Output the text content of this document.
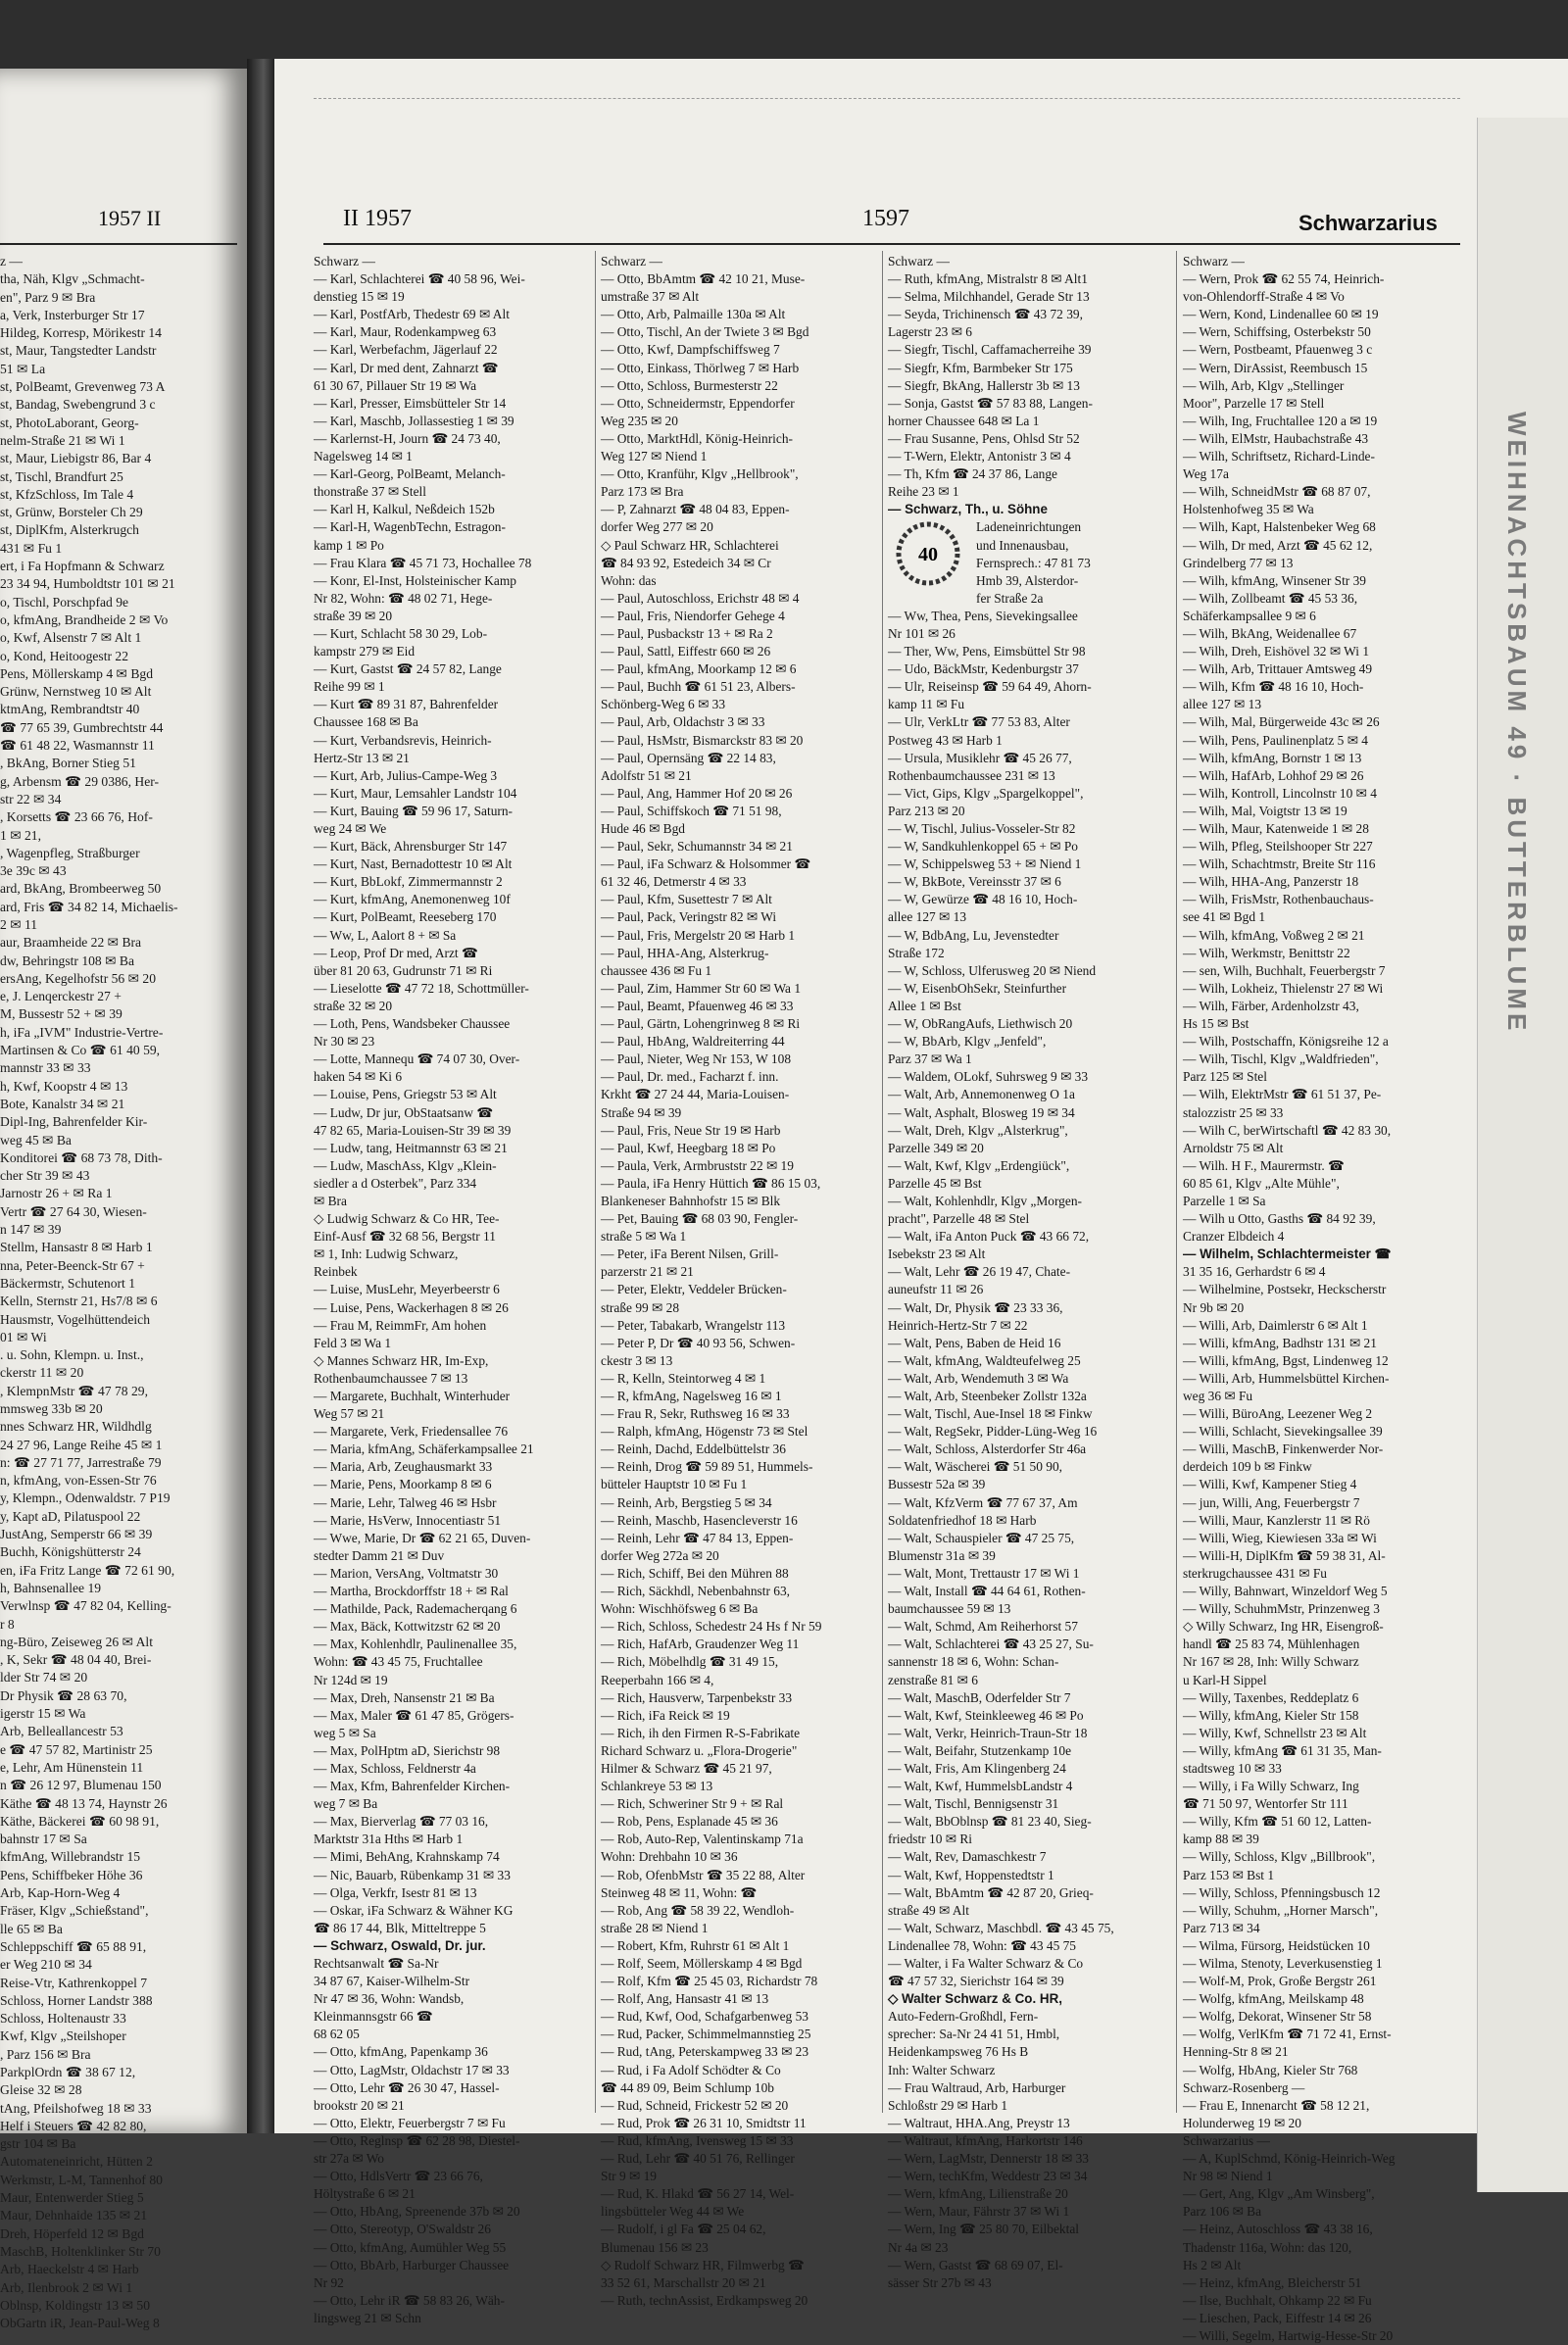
1957 II
z —
tha, Näh, Klgv „Schmacht-
en", Parz 9 ✉ Bra
a, Verk, Insterburger Str 17
Hildeg, Korresp, Mörikestr 14
st, Maur, Tangstedter Landstr
51 ✉ La
st, PolBeamt, Grevenweg 73 A
st, Bandag, Swebengrund 3 c
st, PhotoLaborant, Georg-
nelm-Straße 21 ✉ Wi 1
st, Maur, Liebigstr 86, Bar 4
st, Tischl, Brandfurt 25
st, KfzSchloss, Im Tale 4
st, Grünw, Borsteler Ch 29
st, DiplKfm, Alsterkrugch
431 ✉ Fu 1
ert, i Fa Hopfmann & Schwarz
23 34 94, Humboldtstr 101 ✉ 21
o, Tischl, Porschpfad 9e
o, kfmAng, Brandheide 2 ✉ Vo
o, Kwf, Alsenstr 7 ✉ Alt 1
o, Kond, Heitoogestr 22
Pens, Möllerskamp 4 ✉ Bgd
Grünw, Nernstweg 10 ✉ Alt
ktmAng, Rembrandtstr 40
☎ 77 65 39, Gumbrechtstr 44
☎ 61 48 22, Wasmannstr 11
, BkAng, Borner Stieg 51
g, Arbensm ☎ 29 0386, Her-
str 22 ✉ 34
, Korsetts ☎ 23 66 76, Hof-
1 ✉ 21,
, Wagenpfleg, Straßburger
3e 39c ✉ 43
ard, BkAng, Brombeerweg 50
ard, Fris ☎ 34 82 14, Michaelis-
2 ✉ 11
aur, Braamheide 22 ✉ Bra
dw, Behringstr 108 ✉ Ba
ersAng, Kegelhofstr 56 ✉ 20
e, J. Lenqerckestr 27 +
M, Bussestr 52 + ✉ 39
h, iFa „IVM" Industrie-Vertre-
Martinsen & Co ☎ 61 40 59,
mannstr 33 ✉ 33
h, Kwf, Koopstr 4 ✉ 13
Bote, Kanalstr 34 ✉ 21
Dipl-Ing, Bahrenfelder Kir-
weg 45 ✉ Ba
Konditorei ☎ 68 73 78, Dith-
cher Str 39 ✉ 43
Jarnostr 26 + ✉ Ra 1
Vertr ☎ 27 64 30, Wiesen-
n 147 ✉ 39
Stellm, Hansastr 8 ✉ Harb 1
nna, Peter-Beenck-Str 67 +
Bäckermstr, Schutenort 1
Kelln, Sternstr 21, Hs7/8 ✉ 6
Hausmstr, Vogelhüttendeich
01 ✉ Wi
. u. Sohn, Klempn. u. Inst.,
ckerstr 11 ✉ 20
, KlempnMstr ☎ 47 78 29,
mmsweg 33b ✉ 20
nnes Schwarz HR, Wildhdlg
24 27 96, Lange Reihe 45 ✉ 1
n: ☎ 27 71 77, Jarrestraße 79
n, kfmAng, von-Essen-Str 76
y, Klempn., Odenwaldstr. 7 P19
y, Kapt aD, Pilatuspool 22
JustAng, Semperstr 66 ✉ 39
Buchh, Königshütterstr 24
en, iFa Fritz Lange ☎ 72 61 90,
h, Bahnsenallee 19
Verwlnsp ☎ 47 82 04, Kelling-
r 8
ng-Büro, Zeiseweg 26 ✉ Alt
, K, Sekr ☎ 48 04 40, Brei-
lder Str 74 ✉ 20
Dr Physik ☎ 28 63 70,
igerstr 15 ✉ Wa
Arb, Belleallancestr 53
e ☎ 47 57 82, Martinistr 25
e, Lehr, Am Hünenstein 11
n ☎ 26 12 97, Blumenau 150
Käthe ☎ 48 13 74, Haynstr 26
Käthe, Bäckerei ☎ 60 98 91,
bahnstr 17 ✉ Sa
kfmAng, Willebrandstr 15
Pens, Schiffbeker Höhe 36
Arb, Kap-Horn-Weg 4
Fräser, Klgv „Schießstand",
lle 65 ✉ Ba
Schleppschiff ☎ 65 88 91,
er Weg 210 ✉ 34
Reise-Vtr, Kathrenkoppel 7
Schloss, Horner Landstr 388
Schloss, Holtenaustr 33
Kwf, Klgv „Steilshoper
, Parz 156 ✉ Bra
ParkplOrdn ☎ 38 67 12,
Gleise 32 ✉ 28
tAng, Pfeilshofweg 18 ✉ 33
Helf i Steuers ☎ 42 82 80,
gstr 104 ✉ Ba
Automateneinricht, Hütten 2
Werkmstr, L-M, Tannenhof 80
Maur, Entenwerder Stieg 5
Maur, Dehnhaide 135 ✉ 21
Dreh, Höperfeld 12 ✉ Bgd
MaschB, Holtenklinker Str 70
Arb, Haeckelstr 4 ✉ Harb
Arb, Ilenbrook 2 ✉ Wi 1
Oblnsp, Koldingstr 13 ✉ 50
ObGartn iR, Jean-Paul-Weg 8
II 1957	1597	Schwarzarius
Schwarz —
— Karl, Schlachterei ☎ 40 58 96, Wei-
denstieg 15 ✉ 19
— Karl, PostfArb, Thedestr 69 ✉ Alt
— Karl, Maur, Rodenkampweg 63
— Karl, Werbefachm, Jägerlauf 22
— Karl, Dr med dent, Zahnarzt ☎
61 30 67, Pillauer Str 19 ✉ Wa
— Karl, Presser, Eimsbütteler Str 14
— Karl, Maschb, Jollassestieg 1 ✉ 39
— Karlernst-H, Journ ☎ 24 73 40,
Nagelsweg 14 ✉ 1
— Karl-Georg, PolBeamt, Melanch-
thonstraße 37 ✉ Stell
— Karl H, Kalkul, Neßdeich 152b
— Karl-H, WagenbTechn, Estragon-
kamp 1 ✉ Po
— Frau Klara ☎ 45 71 73, Hochallee 78
— Konr, El-Inst, Holsteinischer Kamp
Nr 82, Wohn: ☎ 48 02 71, Hege-
straße 39 ✉ 20
— Kurt, Schlacht 58 30 29, Lob-
kampstr 279 ✉ Eid
— Kurt, Gastst ☎ 24 57 82, Lange
Reihe 99 ✉ 1
— Kurt ☎ 89 31 87, Bahrenfelder
Chaussee 168 ✉ Ba
— Kurt, Verbandsrevis, Heinrich-
Hertz-Str 13 ✉ 21
— Kurt, Arb, Julius-Campe-Weg 3
— Kurt, Maur, Lemsahler Landstr 104
— Kurt, Bauing ☎ 59 96 17, Saturn-
weg 24 ✉ We
— Kurt, Bäck, Ahrensburger Str 147
— Kurt, Nast, Bernadottestr 10 ✉ Alt
— Kurt, BbLokf, Zimmermannstr 2
— Kurt, kfmAng, Anemonenweg 10f
— Kurt, PolBeamt, Reeseberg 170
— Ww, L, Aalort 8 + ✉ Sa
— Leop, Prof Dr med, Arzt ☎
über 81 20 63, Gudrunstr 71 ✉ Ri
— Lieselotte ☎ 47 72 18, Schottmüller-
straße 32 ✉ 20
— Loth, Pens, Wandsbeker Chaussee
Nr 30 ✉ 23
— Lotte, Mannequ ☎ 74 07 30, Over-
haken 54 ✉ Ki 6
— Louise, Pens, Griegstr 53 ✉ Alt
— Ludw, Dr jur, ObStaatsanw ☎
47 82 65, Maria-Louisen-Str 39 ✉ 39
— Ludw, tang, Heitmannstr 63 ✉ 21
— Ludw, MaschAss, Klgv „Klein-
siedler a d Osterbek", Parz 334
✉ Bra
◇ Ludwig Schwarz & Co HR, Tee-
Einf-Ausf ☎ 32 68 56, Bergstr 11
✉ 1, Inh: Ludwig Schwarz,
Reinbek
— Luise, MusLehr, Meyerbeerstr 6
— Luise, Pens, Wackerhagen 8 ✉ 26
— Frau M, ReimmFr, Am hohen
Feld 3 ✉ Wa 1
◇ Mannes Schwarz HR, Im-Exp,
Rothenbaumchaussee 7 ✉ 13
— Margarete, Buchhalt, Winterhuder
Weg 57 ✉ 21
— Margarete, Verk, Friedensallee 76
— Maria, kfmAng, Schäferkampsallee 21
— Maria, Arb, Zeughausmarkt 33
— Marie, Pens, Moorkamp 8 ✉ 6
— Marie, Lehr, Talweg 46 ✉ Hsbr
— Marie, HsVerw, Innocentiastr 51
— Wwe, Marie, Dr ☎ 62 21 65, Duven-
stedter Damm 21 ✉ Duv
— Marion, VersAng, Voltmatstr 30
— Martha, Brockdorffstr 18 + ✉ Ral
— Mathilde, Pack, Rademacherqang 6
— Max, Bäck, Kottwitzstr 62 ✉ 20
— Max, Kohlenhdlr, Paulinenallee 35,
Wohn: ☎ 43 45 75, Fruchtallee
Nr 124d ✉ 19
— Max, Dreh, Nansenstr 21 ✉ Ba
— Max, Maler ☎ 61 47 85, Grögers-
weg 5 ✉ Sa
— Max, PolHptm aD, Sierichstr 98
— Max, Schloss, Feldnerstr 4a
— Max, Kfm, Bahrenfelder Kirchen-
weg 7 ✉ Ba
— Max, Bierverlag ☎ 77 03 16,
Marktstr 31a Hths ✉ Harb 1
— Mimi, BehAng, Krahnskamp 74
— Nic, Bauarb, Rübenkamp 31 ✉ 33
— Olga, Verkfr, Isestr 81 ✉ 13
— Oskar, iFa Schwarz & Wähner KG
☎ 86 17 44, Blk, Mitteltreppe 5
— Schwarz, Oswald, Dr. jur.
Rechtsanwalt ☎ Sa-Nr
34 87 67, Kaiser-Wilhelm-Str
Nr 47 ✉ 36, Wohn: Wandsb,
Kleinmannsgstr 66 ☎
68 62 05
— Otto, kfmAng, Papenkamp 36
— Otto, LagMstr, Oldachstr 17 ✉ 33
— Otto, Lehr ☎ 26 30 47, Hassel-
brookstr 20 ✉ 21
— Otto, Elektr, Feuerbergstr 7 ✉ Fu
— Otto, Reglnsp ☎ 62 28 98, Diestel-
str 27a ✉ Wo
— Otto, HdlsVertr ☎ 23 66 76,
Höltystraße 6 ✉ 21
— Otto, HbAng, Spreenende 37b ✉ 20
— Otto, Stereotyp, O'Swaldstr 26
— Otto, kfmAng, Aumühler Weg 55
— Otto, BbArb, Harburger Chaussee
Nr 92
— Otto, Lehr iR ☎ 58 83 26, Wäh-
lingsweg 21 ✉ Schn
Schwarz —
— Otto, BbAmtm ☎ 42 10 21, Muse-
umstraße 37 ✉ Alt
— Otto, Arb, Palmaille 130a ✉ Alt
— Otto, Tischl, An der Twiete 3 ✉ Bgd
— Otto, Kwf, Dampfschiffsweg 7
— Otto, Einkass, Thörlweg 7 ✉ Harb
— Otto, Schloss, Burmesterstr 22
— Otto, Schneidermstr, Eppendorfer
Weg 235 ✉ 20
— Otto, MarktHdl, König-Heinrich-
Weg 127 ✉ Niend 1
— Otto, Kranführ, Klgv „Hellbrook",
Parz 173 ✉ Bra
— P, Zahnarzt ☎ 48 04 83, Eppen-
dorfer Weg 277 ✉ 20
◇ Paul Schwarz HR, Schlachterei
☎ 84 93 92, Estedeich 34 ✉ Cr
Wohn: das
— Paul, Autoschloss, Erichstr 48 ✉ 4
— Paul, Fris, Niendorfer Gehege 4
— Paul, Pusbackstr 13 + ✉ Ra 2
— Paul, Sattl, Eiffestr 660 ✉ 26
— Paul, kfmAng, Moorkamp 12 ✉ 6
— Paul, Buchh ☎ 61 51 23, Albers-
Schönberg-Weg 6 ✉ 33
— Paul, Arb, Oldachstr 3 ✉ 33
— Paul, HsMstr, Bismarckstr 83 ✉ 20
— Paul, Opernsäng ☎ 22 14 83,
Adolfstr 51 ✉ 21
— Paul, Ang, Hammer Hof 20 ✉ 26
— Paul, Schiffskoch ☎ 71 51 98,
Hude 46 ✉ Bgd
— Paul, Sekr, Schumannstr 34 ✉ 21
— Paul, iFa Schwarz & Holsommer ☎
61 32 46, Detmerstr 4 ✉ 33
— Paul, Kfm, Susettestr 7 ✉ Alt
— Paul, Pack, Veringstr 82 ✉ Wi
— Paul, Fris, Mergelstr 20 ✉ Harb 1
— Paul, HHA-Ang, Alsterkrug-
chaussee 436 ✉ Fu 1
— Paul, Zim, Hammer Str 60 ✉ Wa 1
— Paul, Beamt, Pfauenweg 46 ✉ 33
— Paul, Gärtn, Lohengrinweg 8 ✉ Ri
— Paul, HbAng, Waldreiterring 44
— Paul, Nieter, Weg Nr 153, W 108
— Paul, Dr. med., Facharzt f. inn.
Krkht ☎ 27 24 44, Maria-Louisen-
Straße 94 ✉ 39
— Paul, Fris, Neue Str 19 ✉ Harb
— Paul, Kwf, Heegbarg 18 ✉ Po
— Paula, Verk, Armbruststr 22 ✉ 19
— Paula, iFa Henry Hüttich ☎ 86 15 03,
Blankeneser Bahnhofstr 15 ✉ Blk
— Pet, Bauing ☎ 68 03 90, Fengler-
straße 5 ✉ Wa 1
— Peter, iFa Berent Nilsen, Grill-
parzerstr 21 ✉ 21
— Peter, Elektr, Veddeler Brücken-
straße 99 ✉ 28
— Peter, Tabakarb, Wrangelstr 113
— Peter P, Dr ☎ 40 93 56, Schwen-
ckestr 3 ✉ 13
— R, Kelln, Steintorweg 4 ✉ 1
— R, kfmAng, Nagelsweg 16 ✉ 1
— Frau R, Sekr, Ruthsweg 16 ✉ 33
— Ralph, kfmAng, Högenstr 73 ✉ Stel
— Reinh, Dachd, Eddelbüttelstr 36
— Reinh, Drog ☎ 59 89 51, Hummels-
bütteler Hauptstr 10 ✉ Fu 1
— Reinh, Arb, Bergstieg 5 ✉ 34
— Reinh, Maschb, Hasencleverstr 16
— Reinh, Lehr ☎ 47 84 13, Eppen-
dorfer Weg 272a ✉ 20
— Rich, Schiff, Bei den Mühren 88
— Rich, Säckhdl, Nebenbahnstr 63,
Wohn: Wischhöfsweg 6 ✉ Ba
— Rich, Schloss, Schedestr 24 Hs f Nr 59
— Rich, HafArb, Graudenzer Weg 11
— Rich, Möbelhdlg ☎ 31 49 15,
Reeperbahn 166 ✉ 4,
— Rich, Hausverw, Tarpenbekstr 33
— Rich, iFa Reick ✉ 19
— Rich, ih den Firmen R-S-Fabrikate
Richard Schwarz u. „Flora-Drogerie"
Hilmer & Schwarz ☎ 45 21 97,
Schlankreye 53 ✉ 13
— Rich, Schweriner Str 9 + ✉ Ral
— Rob, Pens, Esplanade 45 ✉ 36
— Rob, Auto-Rep, Valentinskamp 71a
Wohn: Drehbahn 10 ✉ 36
— Rob, OfenbMstr ☎ 35 22 88, Alter
Steinweg 48 ✉ 11, Wohn: ☎
— Rob, Ang ☎ 58 39 22, Wendloh-
straße 28 ✉ Niend 1
— Robert, Kfm, Ruhrstr 61 ✉ Alt 1
— Rolf, Seem, Möllerskamp 4 ✉ Bgd
— Rolf, Kfm ☎ 25 45 03, Richardstr 78
— Rolf, Ang, Hansastr 41 ✉ 13
— Rud, Kwf, Ood, Schafgarbenweg 53
— Rud, Packer, Schimmelmannstieg 25
— Rud, tAng, Peterskampweg 33 ✉ 23
— Rud, i Fa Adolf Schödter & Co
☎ 44 89 09, Beim Schlump 10b
— Rud, Schneid, Frickestr 52 ✉ 20
— Rud, Prok ☎ 26 31 10, Smidtstr 11
— Rud, kfmAng, Ivensweg 15 ✉ 33
— Rud, Lehr ☎ 40 51 76, Rellinger
Str 9 ✉ 19
— Rud, K. Hlakd ☎ 56 27 14, Wel-
lingsbütteler Weg 44 ✉ We
— Rudolf, i gl Fa ☎ 25 04 62,
Blumenau 156 ✉ 23
◇ Rudolf Schwarz HR, Filmwerbg ☎
33 52 61, Marschallstr 20 ✉ 21
— Ruth, technAssist, Erdkampsweg 20
Schwarz —
— Ruth, kfmAng, Mistralstr 8 ✉ Alt1
— Selma, Milchhandel, Gerade Str 13
— Seyda, Trichinensch ☎ 43 72 39,
Lagerstr 23 ✉ 6
— Siegfr, Tischl, Caffamacherreihe 39
— Siegfr, Kfm, Barmbeker Str 175
— Siegfr, BkAng, Hallerstr 3b ✉ 13
— Sonja, Gastst ☎ 57 83 88, Langen-
horner Chaussee 648 ✉ La 1
— Frau Susanne, Pens, Ohlsd Str 52
— T-Wern, Elektr, Antonistr 3 ✉ 4
— Th, Kfm ☎ 24 37 86, Lange
Reihe 23 ✉ 1
— Schwarz, Th., u. Söhne
40
Ladeneinrichtungen
und Innenausbau,
Fernsprech.: 47 81 73
Hmb 39, Alsterdor-
fer Straße 2a
— Ww, Thea, Pens, Sievekingsallee
Nr 101 ✉ 26
— Ther, Ww, Pens, Eimsbüttel Str 98
— Udo, BäckMstr, Kedenburgstr 37
— Ulr, Reiseinsp ☎ 59 64 49, Ahorn-
kamp 11 ✉ Fu
— Ulr, VerkLtr ☎ 77 53 83, Alter
Postweg 43 ✉ Harb 1
— Ursula, Musiklehr ☎ 45 26 77,
Rothenbaumchaussee 231 ✉ 13
— Vict, Gips, Klgv „Spargelkoppel",
Parz 213 ✉ 20
— W, Tischl, Julius-Vosseler-Str 82
— W, Sandkuhlenkoppel 65 + ✉ Po
— W, Schippelsweg 53 + ✉ Niend 1
— W, BkBote, Vereinsstr 37 ✉ 6
— W, Gewürze ☎ 48 16 10, Hoch-
allee 127 ✉ 13
— W, BdbAng, Lu, Jevenstedter
Straße 172
— W, Schloss, Ulferusweg 20 ✉ Niend
— W, EisenbOhSekr, Steinfurther
Allee 1 ✉ Bst
— W, ObRangAufs, Liethwisch 20
— W, BbArb, Klgv „Jenfeld",
Parz 37 ✉ Wa 1
— Waldem, OLokf, Suhrsweg 9 ✉ 33
— Walt, Arb, Annemonenweg O 1a
— Walt, Asphalt, Blosweg 19 ✉ 34
— Walt, Dreh, Klgv „Alsterkrug",
Parzelle 349 ✉ 20
— Walt, Kwf, Klgv „Erdengiück",
Parzelle 45 ✉ Bst
— Walt, Kohlenhdlr, Klgv „Morgen-
pracht", Parzelle 48 ✉ Stel
— Walt, iFa Anton Puck ☎ 43 66 72,
Isebekstr 23 ✉ Alt
— Walt, Lehr ☎ 26 19 47, Chate-
auneufstr 11 ✉ 26
— Walt, Dr, Physik ☎ 23 33 36,
Heinrich-Hertz-Str 7 ✉ 22
— Walt, Pens, Baben de Heid 16
— Walt, kfmAng, Waldteufelweg 25
— Walt, Arb, Wendemuth 3 ✉ Wa
— Walt, Arb, Steenbeker Zollstr 132a
— Walt, Tischl, Aue-Insel 18 ✉ Finkw
— Walt, RegSekr, Pidder-Lüng-Weg 16
— Walt, Schloss, Alsterdorfer Str 46a
— Walt, Wäscherei ☎ 51 50 90,
Bussestr 52a ✉ 39
— Walt, KfzVerm ☎ 77 67 37, Am
Soldatenfriedhof 18 ✉ Harb
— Walt, Schauspieler ☎ 47 25 75,
Blumenstr 31a ✉ 39
— Walt, Mont, Trettaustr 17 ✉ Wi 1
— Walt, Install ☎ 44 64 61, Rothen-
baumchaussee 59 ✉ 13
— Walt, Schmd, Am Reiherhorst 57
— Walt, Schlachterei ☎ 43 25 27, Su-
sannenstr 18 ✉ 6, Wohn: Schan-
zenstraße 81 ✉ 6
— Walt, MaschB, Oderfelder Str 7
— Walt, Kwf, Steinkleeweg 46 ✉ Po
— Walt, Verkr, Heinrich-Traun-Str 18
— Walt, Beifahr, Stutzenkamp 10e
— Walt, Fris, Am Klingenberg 24
— Walt, Kwf, HummelsbLandstr 4
— Walt, Tischl, Bennigsenstr 31
— Walt, BbOblnsp ☎ 81 23 40, Sieg-
friedstr 10 ✉ Ri
— Walt, Rev, Damaschkestr 7
— Walt, Kwf, Hoppenstedtstr 1
— Walt, BbAmtm ☎ 42 87 20, Grieq-
straße 49 ✉ Alt
— Walt, Schwarz, Maschbdl. ☎ 43 45 75,
Lindenallee 78, Wohn: ☎ 43 45 75
— Walter, i Fa Walter Schwarz & Co
☎ 47 57 32, Sierichstr 164 ✉ 39
◇ Walter Schwarz & Co. HR,
Auto-Federn-Großhdl, Fern-
sprecher: Sa-Nr 24 41 51, Hmbl,
Heidenkampsweg 76 Hs B
Inh: Walter Schwarz
— Frau Waltraud, Arb, Harburger
Schloßstr 29 ✉ Harb 1
— Waltraut, HHA.Ang, Preystr 13
— Waltraut, kfmAng, Harkortstr 146
— Wern, LagMstr, Dennerstr 18 ✉ 33
— Wern, techKfm, Weddestr 23 ✉ 34
— Wern, kfmAng, Lilienstraße 20
— Wern, Maur, Fährstr 37 ✉ Wi 1
— Wern, Ing ☎ 25 80 70, Eilbektal
Nr 4a ✉ 23
— Wern, Gastst ☎ 68 69 07, El-
sässer Str 27b ✉ 43
Schwarz —
— Wern, Prok ☎ 62 55 74, Heinrich-
von-Ohlendorff-Straße 4 ✉ Vo
— Wern, Kond, Lindenallee 60 ✉ 19
— Wern, Schiffsing, Osterbekstr 50
— Wern, Postbeamt, Pfauenweg 3 c
— Wern, DirAssist, Reembusch 15
— Wilh, Arb, Klgv „Stellinger
Moor", Parzelle 17 ✉ Stell
— Wilh, Ing, Fruchtallee 120 a ✉ 19
— Wilh, ElMstr, Haubachstraße 43
— Wilh, Schriftsetz, Richard-Linde-
Weg 17a
— Wilh, SchneidMstr ☎ 68 87 07,
Holstenhofweg 35 ✉ Wa
— Wilh, Kapt, Halstenbeker Weg 68
— Wilh, Dr med, Arzt ☎ 45 62 12,
Grindelberg 77 ✉ 13
— Wilh, kfmAng, Winsener Str 39
— Wilh, Zollbeamt ☎ 45 53 36,
Schäferkampsallee 9 ✉ 6
— Wilh, BkAng, Weidenallee 67
— Wilh, Dreh, Eishövel 32 ✉ Wi 1
— Wilh, Arb, Trittauer Amtsweg 49
— Wilh, Kfm ☎ 48 16 10, Hoch-
allee 127 ✉ 13
— Wilh, Mal, Bürgerweide 43c ✉ 26
— Wilh, Pens, Paulinenplatz 5 ✉ 4
— Wilh, kfmAng, Bornstr 1 ✉ 13
— Wilh, HafArb, Lohhof 29 ✉ 26
— Wilh, Kontroll, Lincolnstr 10 ✉ 4
— Wilh, Mal, Voigtstr 13 ✉ 19
— Wilh, Maur, Katenweide 1 ✉ 28
— Wilh, Pfleg, Steilshooper Str 227
— Wilh, Schachtmstr, Breite Str 116
— Wilh, HHA-Ang, Panzerstr 18
— Wilh, FrisMstr, Rothenbauchaus-
see 41 ✉ Bgd 1
— Wilh, kfmAng, Voßweg 2 ✉ 21
— Wilh, Werkmstr, Benittstr 22
— sen, Wilh, Buchhalt, Feuerbergstr 7
— Wilh, Lokheiz, Thielenstr 27 ✉ Wi
— Wilh, Färber, Ardenholzstr 43,
Hs 15 ✉ Bst
— Wilh, Postschaffn, Königsreihe 12 a
— Wilh, Tischl, Klgv „Waldfrieden",
Parz 125 ✉ Stel
— Wilh, ElektrMstr ☎ 61 51 37, Pe-
stalozzistr 25 ✉ 33
— Wilh C, berWirtschaftl ☎ 42 83 30,
Arnoldstr 75 ✉ Alt
— Wilh. H F., Maurermstr. ☎
60 85 61, Klgv „Alte Mühle",
Parzelle 1 ✉ Sa
— Wilh u Otto, Gasths ☎ 84 92 39,
Cranzer Elbdeich 4
— Wilhelm, Schlachtermeister ☎
31 35 16, Gerhardstr 6 ✉ 4
— Wilhelmine, Postsekr, Heckscherstr
Nr 9b ✉ 20
— Willi, Arb, Daimlerstr 6 ✉ Alt 1
— Willi, kfmAng, Badhstr 131 ✉ 21
— Willi, kfmAng, Bgst, Lindenweg 12
— Willi, Arb, Hummelsbüttel Kirchen-
weg 36 ✉ Fu
— Willi, BüroAng, Leezener Weg 2
— Willi, Schlacht, Sievekingsallee 39
— Willi, MaschB, Finkenwerder Nor-
derdeich 109 b ✉ Finkw
— Willi, Kwf, Kampener Stieg 4
— jun, Willi, Ang, Feuerbergstr 7
— Willi, Maur, Kanzlerstr 11 ✉ Rö
— Willi, Wieg, Kiewiesen 33a ✉ Wi
— Willi-H, DiplKfm ☎ 59 38 31, Al-
sterkrugchaussee 431 ✉ Fu
— Willy, Bahnwart, Winzeldorf Weg 5
— Willy, SchuhmMstr, Prinzenweg 3
◇ Willy Schwarz, Ing HR, Eisengroß-
handl ☎ 25 83 74, Mühlenhagen
Nr 167 ✉ 28, Inh: Willy Schwarz
u Karl-H Sippel
— Willy, Taxenbes, Reddeplatz 6
— Willy, kfmAng, Kieler Str 158
— Willy, Kwf, Schnellstr 23 ✉ Alt
— Willy, kfmAng ☎ 61 31 35, Man-
stadtsweg 10 ✉ 33
— Willy, i Fa Willy Schwarz, Ing
☎ 71 50 97, Wentorfer Str 111
— Willy, Kfm ☎ 51 60 12, Latten-
kamp 88 ✉ 39
— Willy, Schloss, Klgv „Billbrook",
Parz 153 ✉ Bst 1
— Willy, Schloss, Pfenningsbusch 12
— Willy, Schuhm, „Horner Marsch",
Parz 713 ✉ 34
— Wilma, Fürsorg, Heidstücken 10
— Wilma, Stenoty, Leverkusenstieg 1
— Wolf-M, Prok, Große Bergstr 261
— Wolfg, kfmAng, Meilskamp 48
— Wolfg, Dekorat, Winsener Str 58
— Wolfg, VerlKfm ☎ 71 72 41, Ernst-
Henning-Str 8 ✉ 21
— Wolfg, HbAng, Kieler Str 768
Schwarz-Rosenberg —
— Frau E, Innenarcht ☎ 58 12 21,
Holunderweg 19 ✉ 20
Schwarzarius —
— A, KuplSchmd, König-Heinrich-Weg
Nr 98 ✉ Niend 1
— Gert, Ang, Klgv „Am Winsberg",
Parz 106 ✉ Ba
— Heinz, Autoschloss ☎ 43 38 16,
Thadenstr 116a, Wohn: das 120,
Hs 2 ✉ Alt
— Heinz, kfmAng, Bleicherstr 51
— Ilse, Buchhalt, Ohkamp 22 ✉ Fu
— Lieschen, Pack, Eiffestr 14 ✉ 26
— Willi, Segelm, Hartwig-Hesse-Str 20
WEIHNACHTSBAUM 49 · BUTTERBLUME
